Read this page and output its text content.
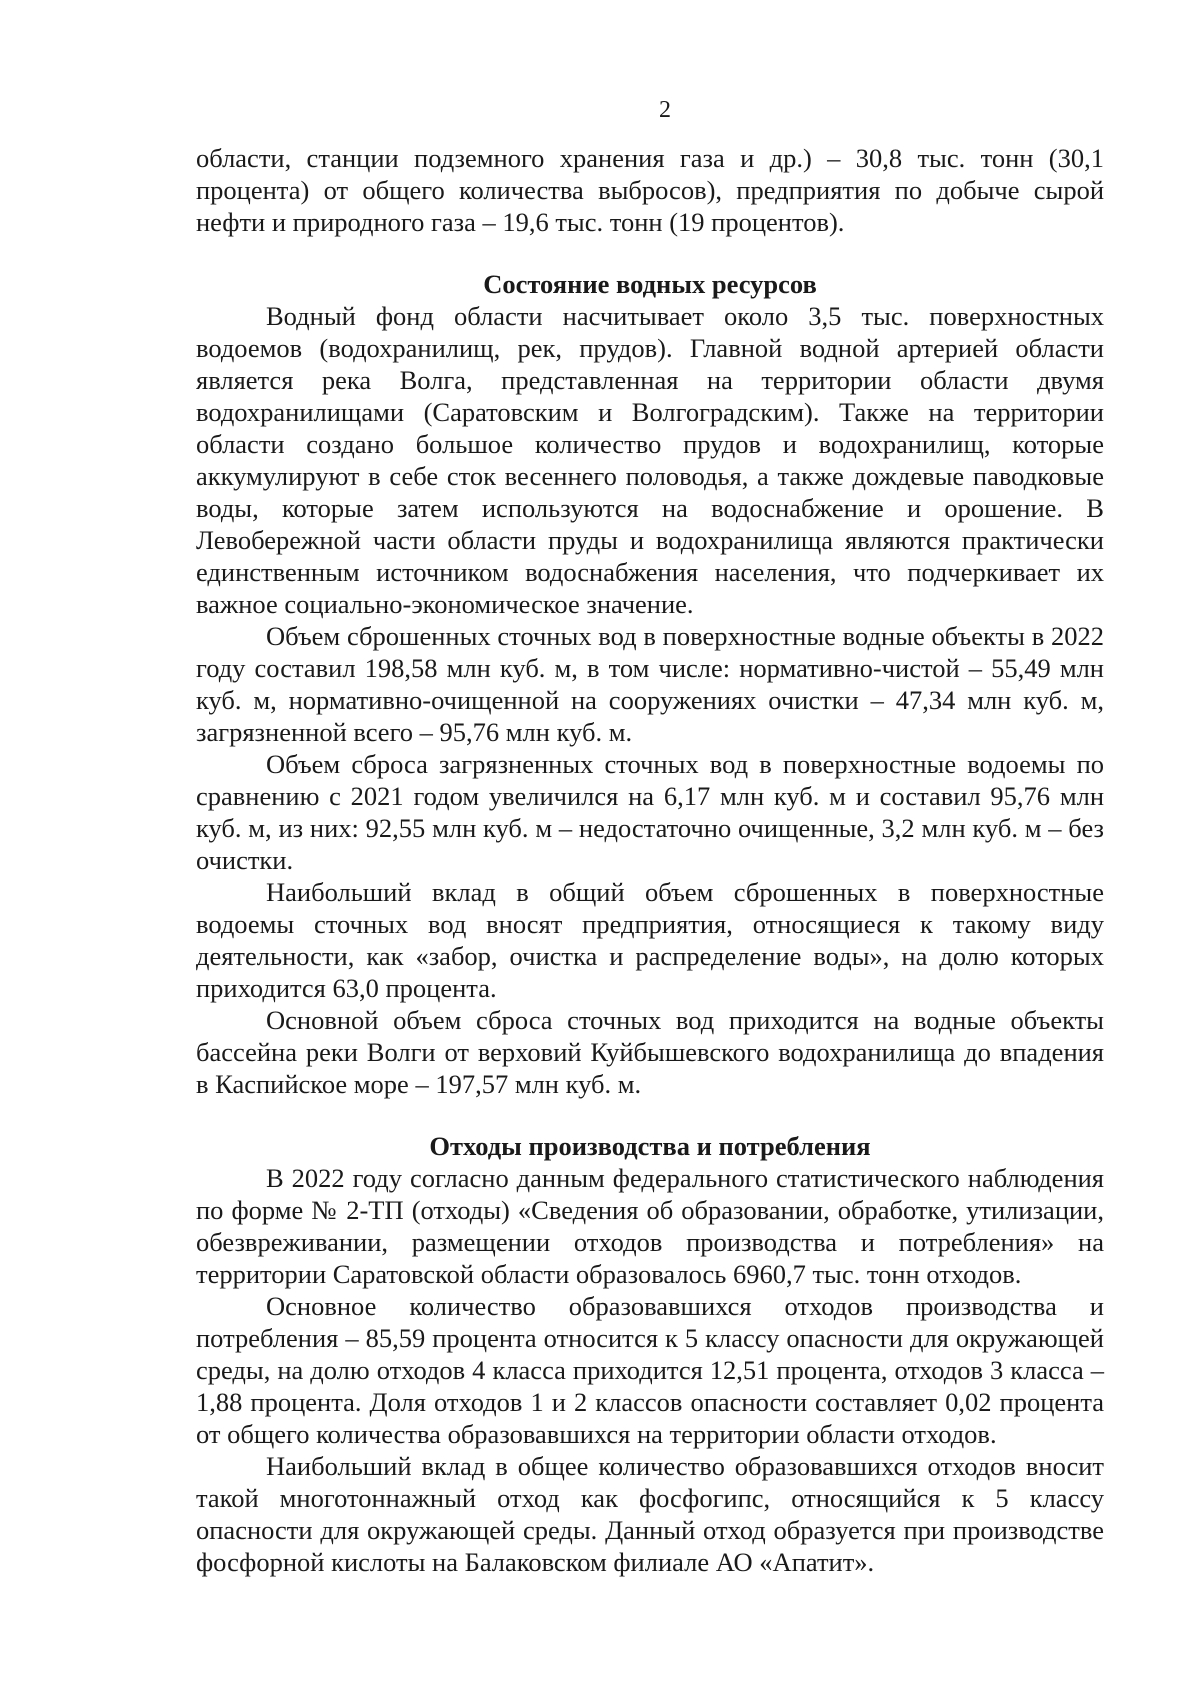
2

области, станции подземного хранения газа и др.) – 30,8 тыс. тонн (30,1 процента) от общего количества выбросов), предприятия по добыче сырой нефти и природного газа – 19,6 тыс. тонн (19 процентов).

Состояние водных ресурсов

Водный фонд области насчитывает около 3,5 тыс. поверхностных водоемов (водохранилищ, рек, прудов). Главной водной артерией области является река Волга, представленная на территории области двумя водохранилищами (Саратовским и Волгоградским). Также на территории области создано большое количество прудов и водохранилищ, которые аккумулируют в себе сток весеннего половодья, а также дождевые паводковые воды, которые затем используются на водоснабжение и орошение. В Левобережной части области пруды и водохранилища являются практически единственным источником водоснабжения населения, что подчеркивает их важное социально-экономическое значение.

Объем сброшенных сточных вод в поверхностные водные объекты в 2022 году составил 198,58 млн куб. м, в том числе: нормативно-чистой – 55,49 млн куб. м, нормативно-очищенной на сооружениях очистки – 47,34 млн куб. м, загрязненной всего – 95,76 млн куб. м.

Объем сброса загрязненных сточных вод в поверхностные водоемы по сравнению с 2021 годом увеличился на 6,17 млн куб. м и составил 95,76 млн куб. м, из них: 92,55 млн куб. м – недостаточно очищенные, 3,2 млн куб. м – без очистки.

Наибольший вклад в общий объем сброшенных в поверхностные водоемы сточных вод вносят предприятия, относящиеся к такому виду деятельности, как «забор, очистка и распределение воды», на долю которых приходится 63,0 процента.

Основной объем сброса сточных вод приходится на водные объекты бассейна реки Волги от верховий Куйбышевского водохранилища до впадения в Каспийское море – 197,57 млн куб. м.

Отходы производства и потребления

В 2022 году согласно данным федерального статистического наблюдения по форме № 2-ТП (отходы) «Сведения об образовании, обработке, утилизации, обезвреживании, размещении отходов производства и потребления» на территории Саратовской области образовалось 6960,7 тыс. тонн отходов.

Основное количество образовавшихся отходов производства и потребления – 85,59 процента относится к 5 классу опасности для окружающей среды, на долю отходов 4 класса приходится 12,51 процента, отходов 3 класса – 1,88 процента. Доля отходов 1 и 2 классов опасности составляет 0,02 процента от общего количества образовавшихся на территории области отходов.

Наибольший вклад в общее количество образовавшихся отходов вносит такой многотоннажный отход как фосфогипс, относящийся к 5 классу опасности для окружающей среды. Данный отход образуется при производстве фосфорной кислоты на Балаковском филиале АО «Апатит».
